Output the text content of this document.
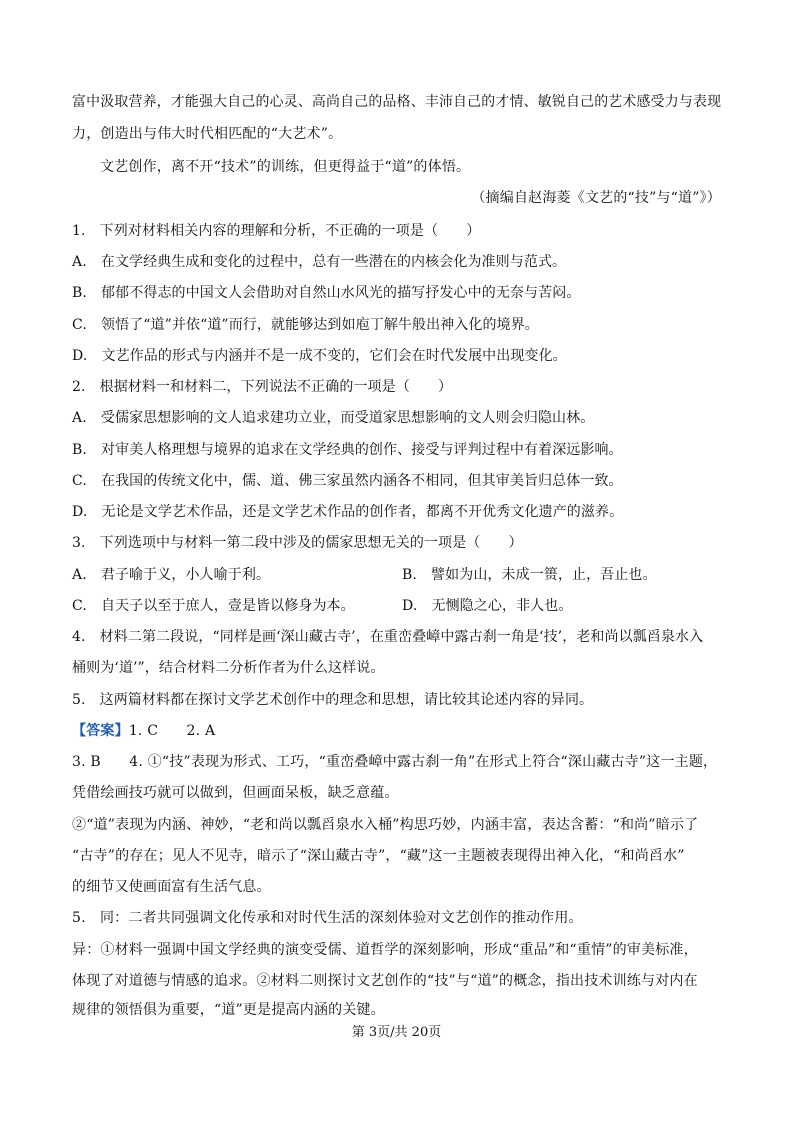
富中汲取营养，才能强大自己的心灵、高尚自己的品格、丰沛自己的才情、敏锐自己的艺术感受力与表现
力，创造出与伟大时代相匹配的“大艺术”。
文艺创作，离不开“技术”的训练，但更得益于“道”的体悟。
（摘编自赵海菱《文艺的“技”与“道”》）
1.　下列对材料相关内容的理解和分析，不正确的一项是（　　）
A.　在文学经典生成和变化的过程中，总有一些潜在的内核会化为准则与范式。
B.　郁郁不得志的中国文人会借助对自然山水风光的描写抒发心中的无奈与苦闷。
C.　领悟了“道”并依“道”而行，就能够达到如庖丁解牛般出神入化的境界。
D.　文艺作品的形式与内涵并不是一成不变的，它们会在时代发展中出现变化。
2.　根据材料一和材料二，下列说法不正确的一项是（　　）
A.　受儒家思想影响的文人追求建功立业，而受道家思想影响的文人则会归隐山林。
B.　对审美人格理想与境界的追求在文学经典的创作、接受与评判过程中有着深远影响。
C.　在我国的传统文化中，儒、道、佛三家虽然内涵各不相同，但其审美旨归总体一致。
D.　无论是文学艺术作品，还是文学艺术作品的创作者，都离不开优秀文化遗产的滋养。
3.　下列选项中与材料一第二段中涉及的儒家思想无关的一项是（　　）
A.　君子喻于义，小人喻于利。	B.　譬如为山，未成一篑，止，吾止也。
C.　自天子以至于庶人，壹是皆以修身为本。	D.　无恻隐之心，非人也。
4.　材料二第二段说，“同样是画‘深山藏古寺’，在重峦叠嶂中露古刹一角是‘技’，老和尚以瓢舀泉水入
桶则为‘道’”，结合材料二分析作者为什么这样说。
5.　这两篇材料都在探讨文学艺术创作中的理念和思想，请比较其论述内容的异同。
【答案】1. C　　2. A
3. B　　4. ①“技”表现为形式、工巧，“重峦叠嶂中露古刹一角”在形式上符合“深山藏古寺”这一主题，
凭借绘画技巧就可以做到，但画面呆板，缺乏意蕴。
②“道”表现为内涵、神妙，“老和尚以瓢舀泉水入桶”构思巧妙，内涵丰富，表达含蓄：“和尚”暗示了
“古寺”的存在；见人不见寺，暗示了“深山藏古寺”，“藏”这一主题被表现得出神入化，“和尚舀水”
的细节又使画面富有生活气息。
5.　同：二者共同强调文化传承和对时代生活的深刻体验对文艺创作的推动作用。
异：①材料一强调中国文学经典的演变受儒、道哲学的深刻影响，形成“重品”和“重情”的审美标准，
体现了对道德与情感的追求。②材料二则探讨文艺创作的“技”与“道”的概念，指出技术训练与对内在
规律的领悟俱为重要，“道”更是提高内涵的关键。
第 3页/共 20页
